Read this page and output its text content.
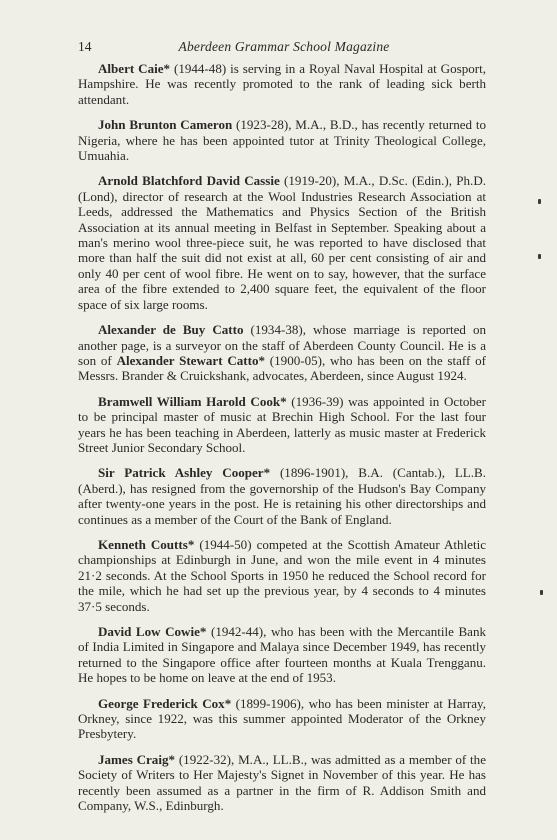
14	Aberdeen Grammar School Magazine

Albert Caie* (1944-48) is serving in a Royal Naval Hospital at Gosport, Hampshire. He was recently promoted to the rank of leading sick berth attendant.

John Brunton Cameron (1923-28), M.A., B.D., has recently returned to Nigeria, where he has been appointed tutor at Trinity Theological College, Umuahia.

Arnold Blatchford David Cassie (1919-20), M.A., D.Sc. (Edin.), Ph.D. (Lond), director of research at the Wool Industries Research Association at Leeds, addressed the Mathematics and Physics Section of the British Association at its annual meeting in Belfast in September. Speaking about a man's merino wool three-piece suit, he was reported to have disclosed that more than half the suit did not exist at all, 60 per cent consisting of air and only 40 per cent of wool fibre. He went on to say, however, that the surface area of the fibre extended to 2,400 square feet, the equivalent of the floor space of six large rooms.

Alexander de Buy Catto (1934-38), whose marriage is reported on another page, is a surveyor on the staff of Aberdeen County Council. He is a son of Alexander Stewart Catto* (1900-05), who has been on the staff of Messrs. Brander & Cruickshank, advocates, Aberdeen, since August 1924.

Bramwell William Harold Cook* (1936-39) was appointed in October to be principal master of music at Brechin High School. For the last four years he has been teaching in Aberdeen, latterly as music master at Frederick Street Junior Secondary School.

Sir Patrick Ashley Cooper* (1896-1901), B.A. (Cantab.), LL.B. (Aberd.), has resigned from the governorship of the Hudson's Bay Company after twenty-one years in the post. He is retaining his other directorships and continues as a member of the Court of the Bank of England.

Kenneth Coutts* (1944-50) competed at the Scottish Amateur Athletic championships at Edinburgh in June, and won the mile event in 4 minutes 21·2 seconds. At the School Sports in 1950 he reduced the School record for the mile, which he had set up the previous year, by 4 seconds to 4 minutes 37·5 seconds.

David Low Cowie* (1942-44), who has been with the Mercantile Bank of India Limited in Singapore and Malaya since December 1949, has recently returned to the Singapore office after fourteen months at Kuala Trengganu. He hopes to be home on leave at the end of 1953.

George Frederick Cox* (1899-1906), who has been minister at Harray, Orkney, since 1922, was this summer appointed Moderator of the Orkney Presbytery.

James Craig* (1922-32), M.A., LL.B., was admitted as a member of the Society of Writers to Her Majesty's Signet in November of this year. He has recently been assumed as a partner in the firm of R. Addison Smith and Company, W.S., Edinburgh.
